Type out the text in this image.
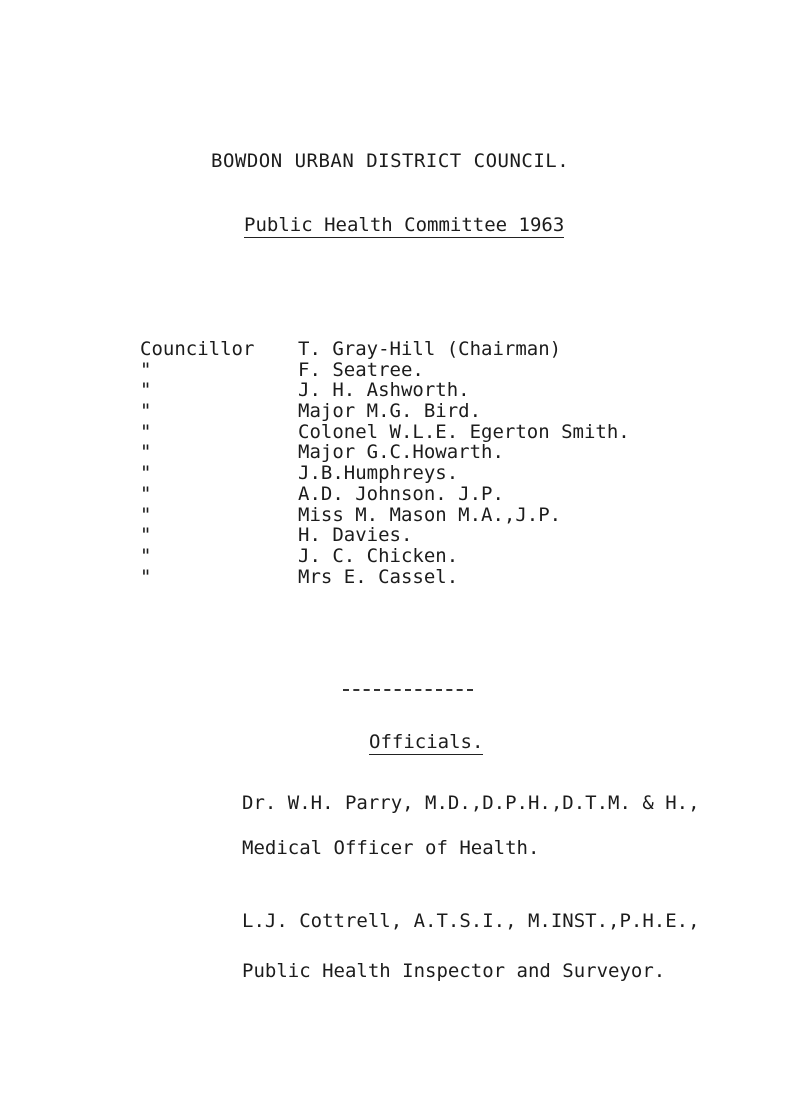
BOWDON URBAN DISTRICT COUNCIL.
Public Health Committee 1963
Councillor	T. Gray-Hill (Chairman)
"	F. Seatree.
"	J. H. Ashworth.
"	Major M.G. Bird.
"	Colonel W.L.E. Egerton Smith.
"	Major G.C.Howarth.
"	J.B.Humphreys.
"	A.D. Johnson. J.P.
"	Miss M. Mason M.A.,J.P.
"	H. Davies.
"	J. C. Chicken.
"	Mrs E. Cassel.
Officials.
Dr. W.H. Parry, M.D.,D.P.H.,D.T.M. & H.,
Medical Officer of Health.
L.J. Cottrell, A.T.S.I., M.INST.,P.H.E.,
Public Health Inspector and Surveyor.
